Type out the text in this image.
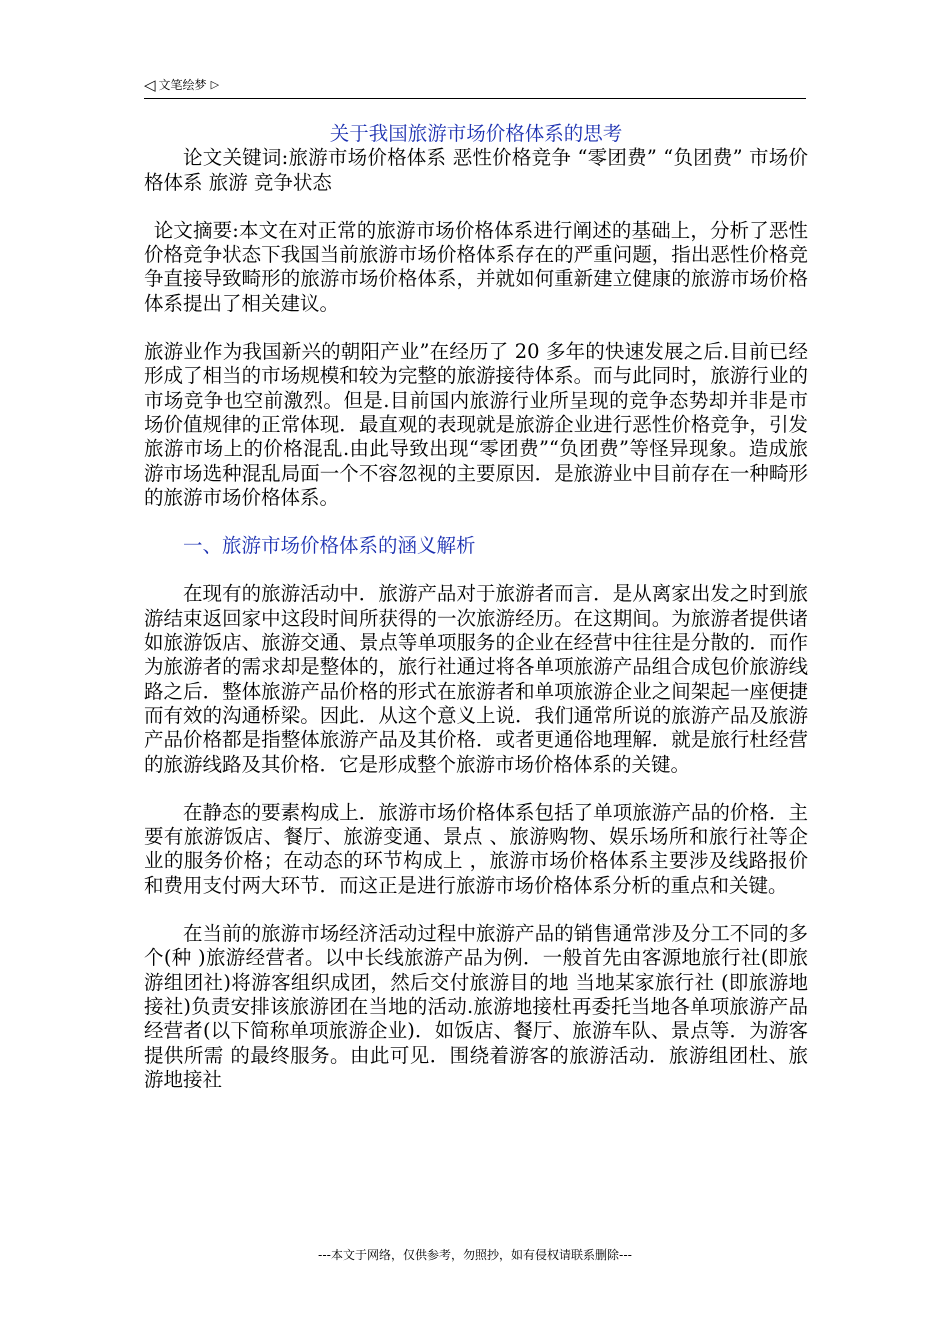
◁ 文笔绘梦 ▷

关于我国旅游市场价格体系的思考

论文关键词:旅游市场价格体系 恶性价格竞争 “零团费” “负团费” 市场价格体系 旅游 竞争状态

论文摘要:本文在对正常的旅游市场价格体系进行阐述的基础上，分析了恶性价格竞争状态下我国当前旅游市场价格体系存在的严重问题，指出恶性价格竞争直接导致畸形的旅游市场价格体系，并就如何重新建立健康的旅游市场价格体系提出了相关建议。

旅游业作为我国新兴的朝阳产业”在经历了 20 多年的快速发展之后.目前已经形成了相当的市场规模和较为完整的旅游接待体系。而与此同时，旅游行业的市场竞争也空前激烈。但是.目前国内旅游行业所呈现的竞争态势却并非是市场价值规律的正常体现．最直观的表现就是旅游企业进行恶性价格竞争，引发旅游市场上的价格混乱.由此导致出现“零团费”“负团费”等怪异现象。造成旅游市场选种混乱局面一个不容忽视的主要原因．是旅游业中目前存在一种畸形的旅游市场价格体系。

一、旅游市场价格体系的涵义解析

在现有的旅游活动中．旅游产品对于旅游者而言．是从离家出发之时到旅游结束返回家中这段时间所获得的一次旅游经历。在这期间。为旅游者提供诸如旅游饭店、旅游交通、景点等单项服务的企业在经营中往往是分散的．而作为旅游者的需求却是整体的，旅行社通过将各单项旅游产品组合成包价旅游线路之后．整体旅游产品价格的形式在旅游者和单项旅游企业之间架起一座便捷而有效的沟通桥梁。因此．从这个意义上说．我们通常所说的旅游产品及旅游产品价格都是指整体旅游产品及其价格．或者更通俗地理解．就是旅行杜经营的旅游线路及其价格．它是形成整个旅游市场价格体系的关键。

在静态的要素构成上．旅游市场价格体系包括了单项旅游产品的价格．主要有旅游饭店、餐厅、旅游变通、景点 、旅游购物、娱乐场所和旅行社等企业的服务价格；在动态的环节构成上 ，旅游市场价格体系主要涉及线路报价和费用支付两大环节．而这正是进行旅游市场价格体系分析的重点和关键。

在当前的旅游市场经济活动过程中旅游产品的销售通常涉及分工不同的多个(种 )旅游经营者。以中长线旅游产品为例．一般首先由客源地旅行社(即旅游组团社)将游客组织成团，然后交付旅游目的地 当地某家旅行社 (即旅游地接社)负责安排该旅游团在当地的活动.旅游地接杜再委托当地各单项旅游产品经营者(以下简称单项旅游企业)．如饭店、餐厅、旅游车队、景点等．为游客提供所需 的最终服务。由此可见．围绕着游客的旅游活动．旅游组团杜、旅游地接社

---本文于网络，仅供参考，勿照抄，如有侵权请联系删除---
